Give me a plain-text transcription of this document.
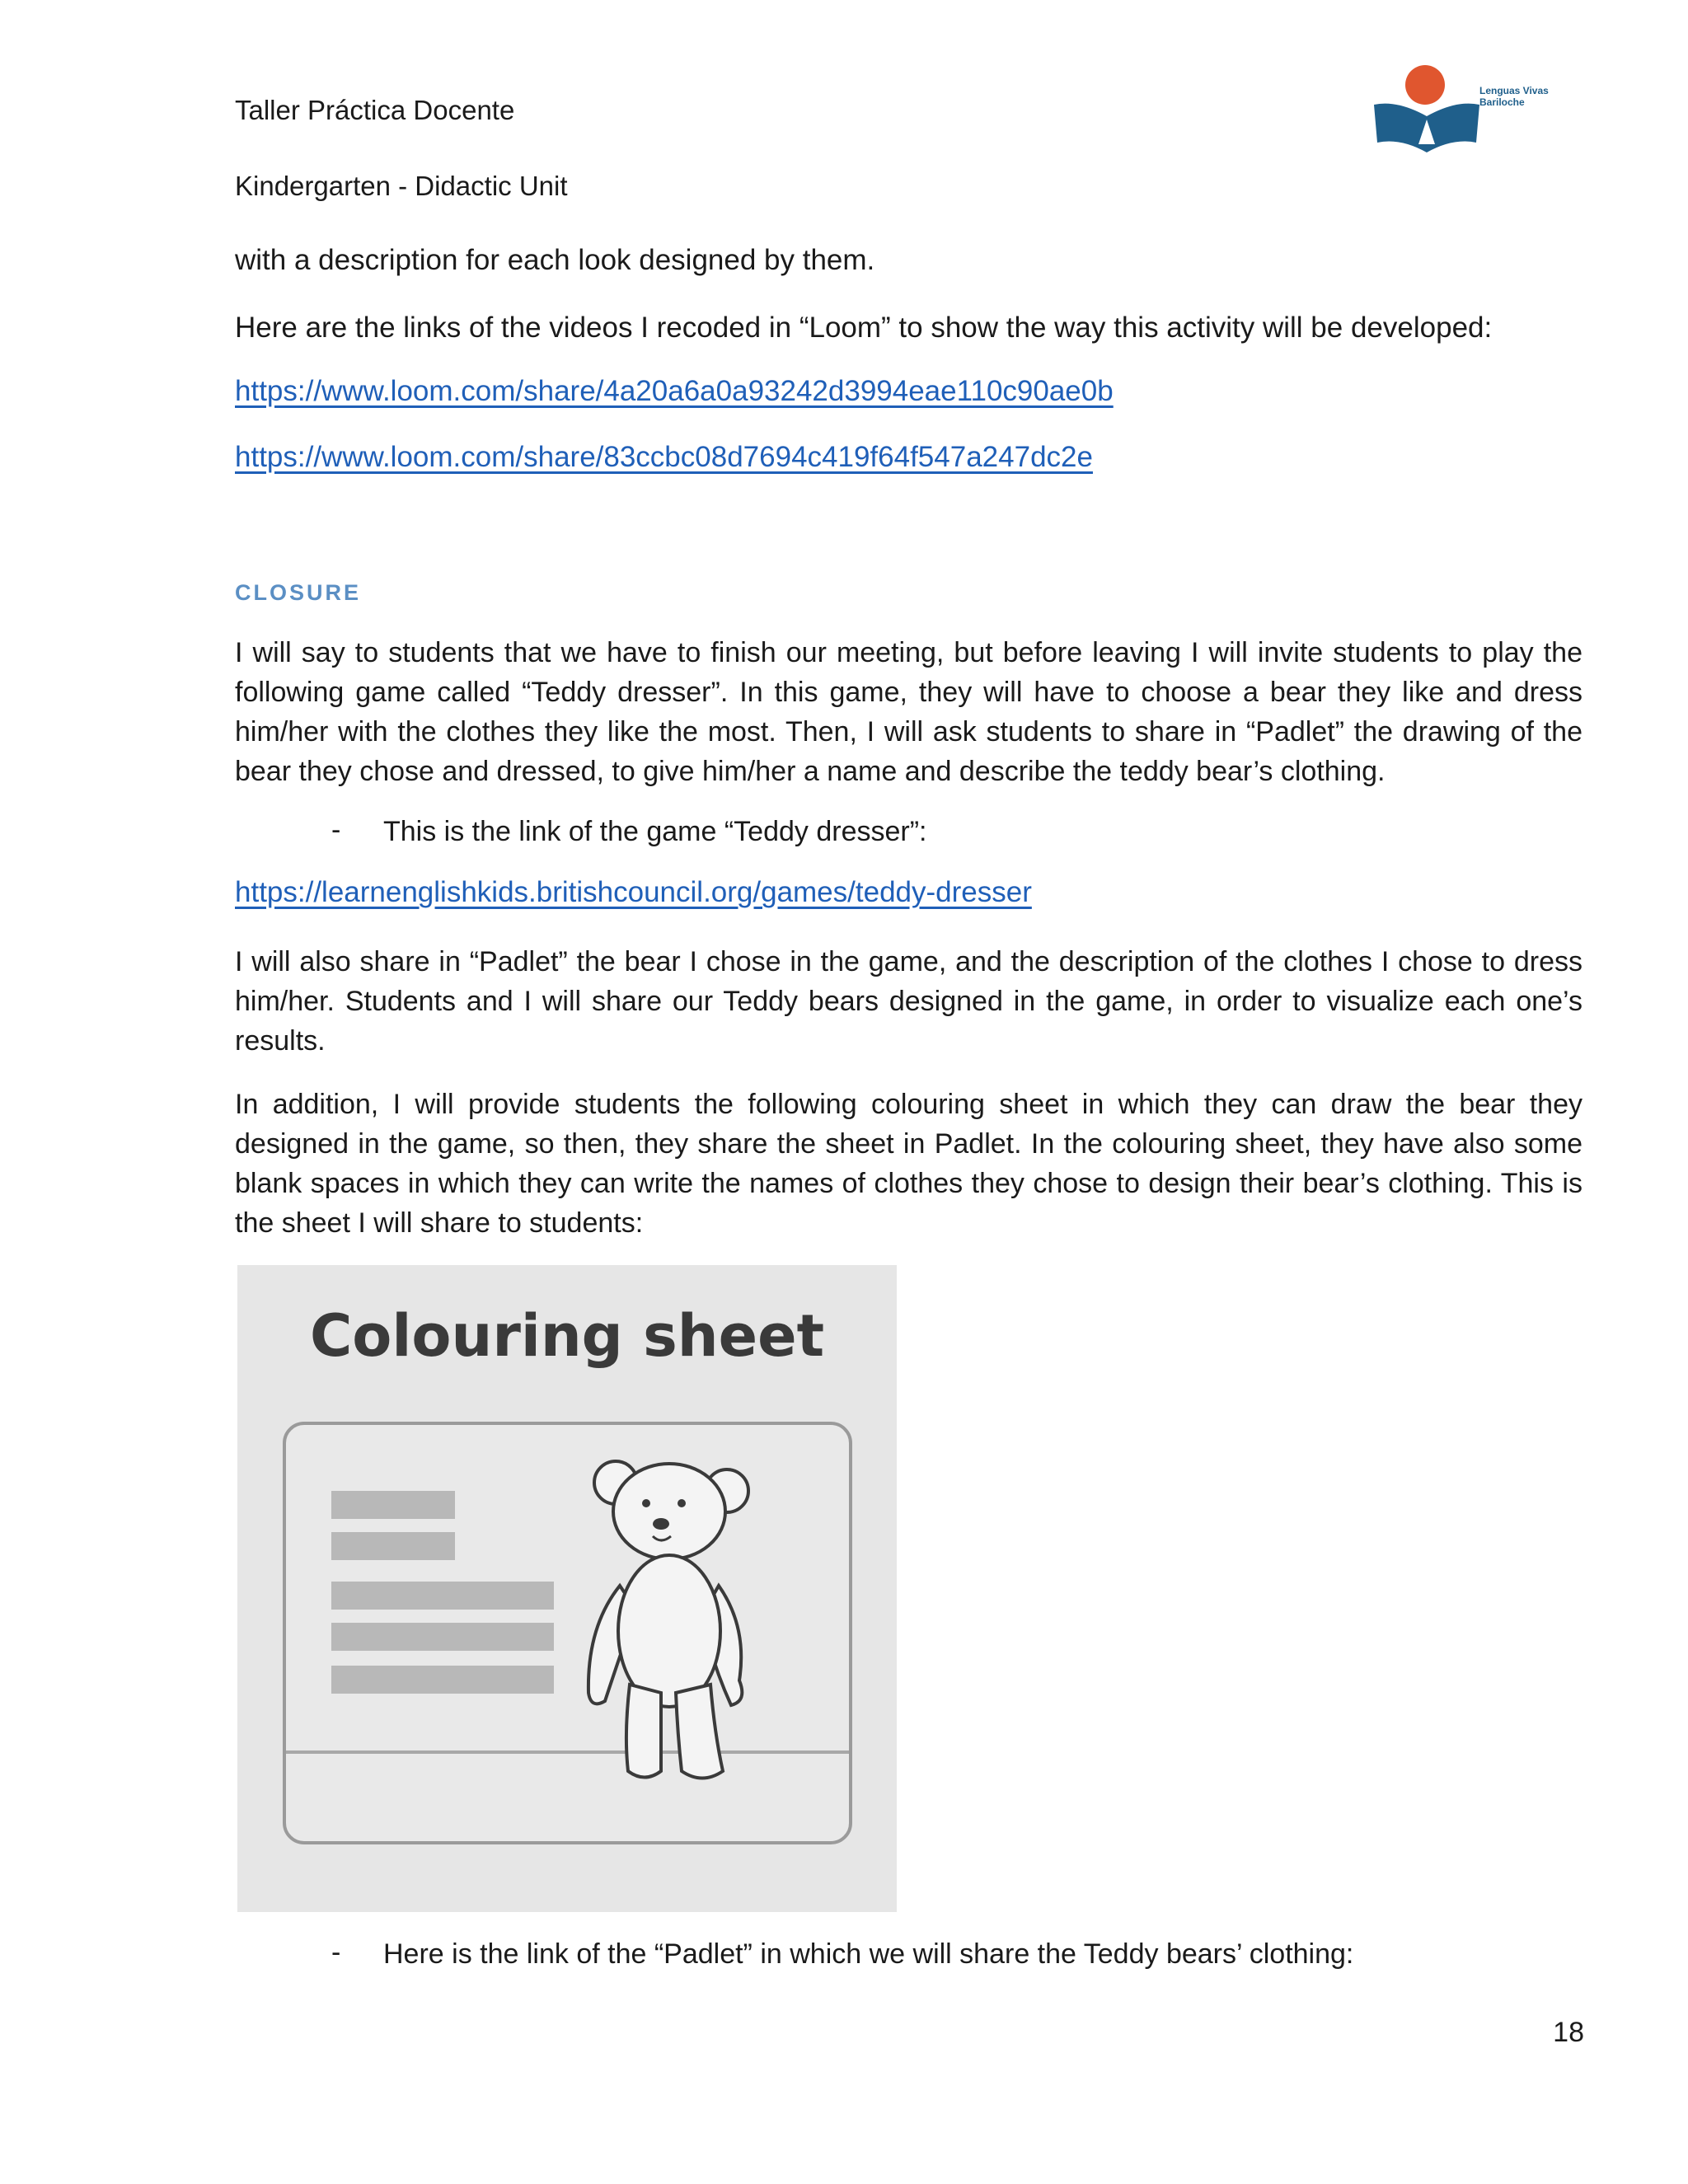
Taller Práctica Docente
Kindergarten - Didactic Unit
Lenguas Vivas Bariloche

with a description for each look designed by them.

Here are the links of the videos I recoded in “Loom” to show the way this activity will be developed:

https://www.loom.com/share/4a20a6a0a93242d3994eae110c90ae0b
https://www.loom.com/share/83ccbc08d7694c419f64f547a247dc2e
CLOSURE

I will say to students that we have to finish our meeting, but before leaving I will invite students to play the following game called “Teddy dresser”. In this game, they will have to choose a bear they like and dress him/her with the clothes they like the most. Then, I will ask students to share in “Padlet” the drawing of the bear they chose and dressed, to give him/her a name and describe the teddy bear’s clothing.

- This is the link of the game “Teddy dresser”:
https://learnenglishkids.britishcouncil.org/games/teddy-dresser

I will also share in “Padlet” the bear I chose in the game, and the description of the clothes I chose to dress him/her. Students and I will share our Teddy bears designed in the game, in order to visualize each one’s results.

In addition, I will provide students the following colouring sheet in which they can draw the bear they designed in the game, so then, they share the sheet in Padlet. In the colouring sheet, they have also some blank spaces in which they can write the names of clothes they chose to design their bear’s clothing. This is the sheet I will share to students:

Colouring sheet
- Here is the link of the “Padlet” in which we will share the Teddy bears’ clothing:
18
